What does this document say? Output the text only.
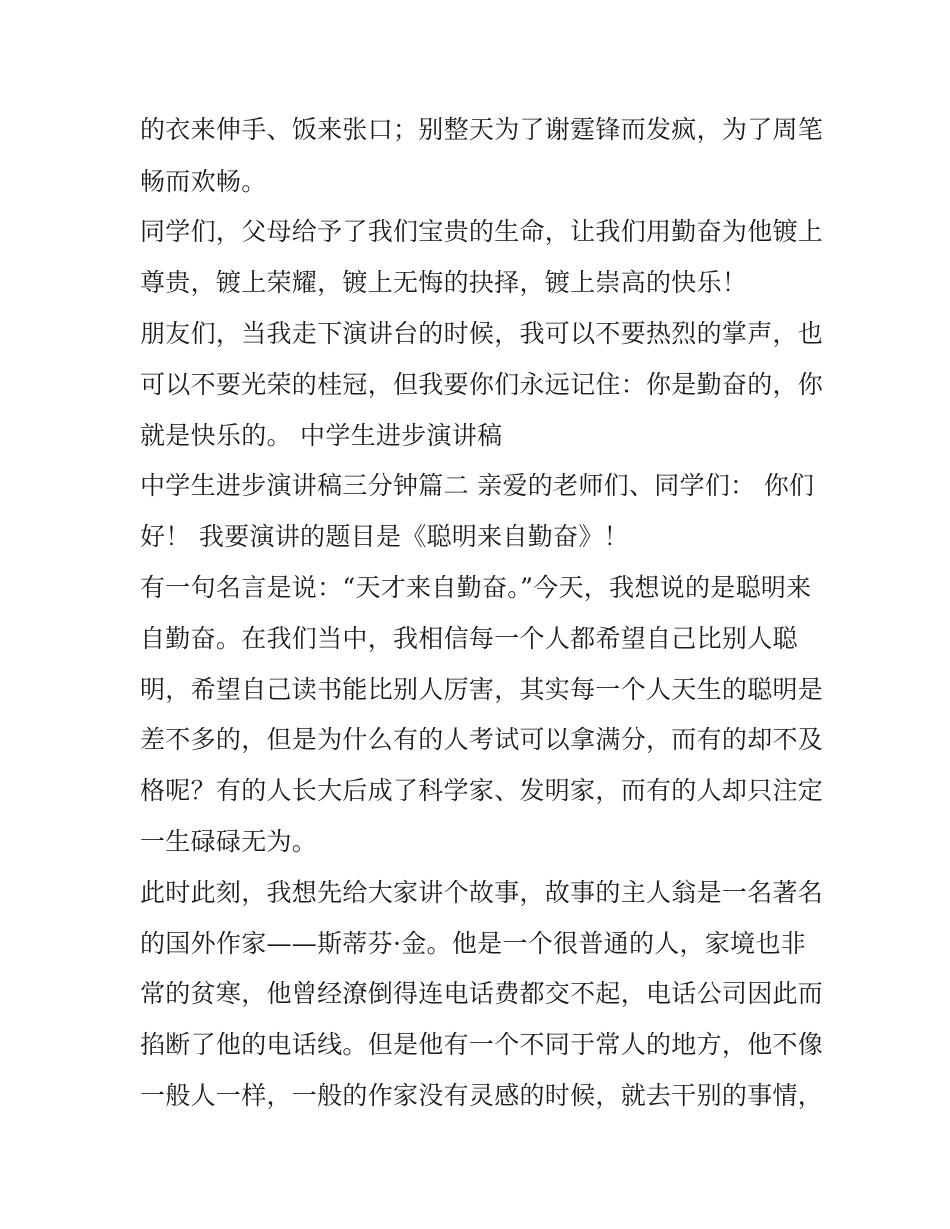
的衣来伸手、饭来张口；别整天为了谢霆锋而发疯，为了周笔
畅而欢畅。
同学们，父母给予了我们宝贵的生命，让我们用勤奋为他镀上
尊贵，镀上荣耀，镀上无悔的抉择，镀上崇高的快乐！
朋友们，当我走下演讲台的时候，我可以不要热烈的掌声，也
可以不要光荣的桂冠，但我要你们永远记住：你是勤奋的，你
就是快乐的。 中学生进步演讲稿
中学生进步演讲稿三分钟篇二 亲爱的老师们、同学们： 你们
好！ 我要演讲的题目是《聪明来自勤奋》！
有一句名言是说：“天才来自勤奋。”今天，我想说的是聪明来
自勤奋。在我们当中，我相信每一个人都希望自己比别人聪
明，希望自己读书能比别人厉害，其实每一个人天生的聪明是
差不多的，但是为什么有的人考试可以拿满分，而有的却不及
格呢？有的人长大后成了科学家、发明家，而有的人却只注定
一生碌碌无为。
此时此刻，我想先给大家讲个故事，故事的主人翁是一名著名
的国外作家——斯蒂芬·金。他是一个很普通的人，家境也非
常的贫寒，他曾经潦倒得连电话费都交不起，电话公司因此而
掐断了他的电话线。但是他有一个不同于常人的地方，他不像
一般人一样，一般的作家没有灵感的时候，就去干别的事情，
